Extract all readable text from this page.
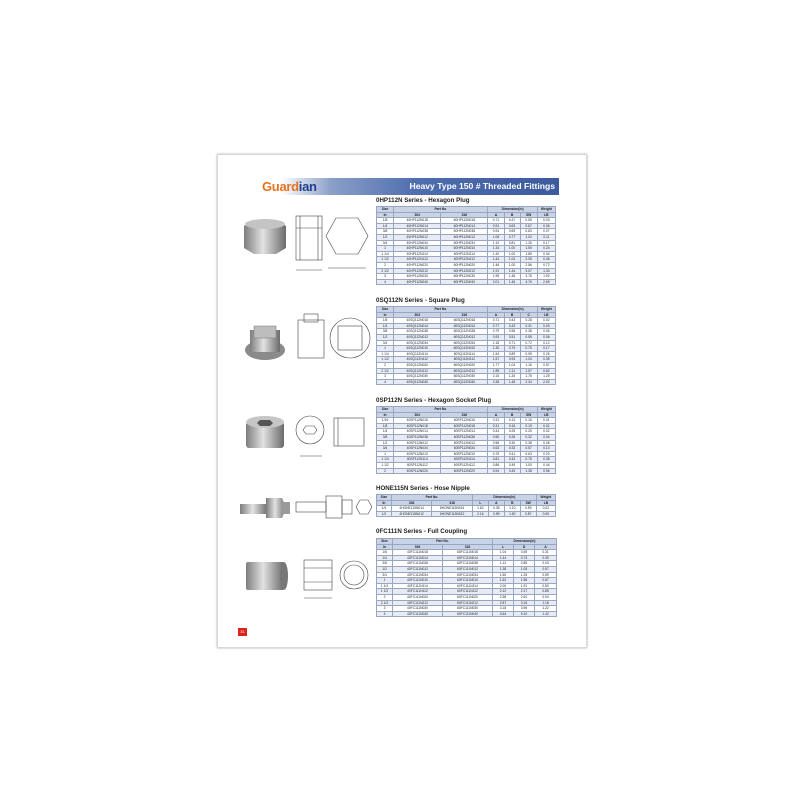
Guardian	Heavy Type 150 # Threaded Fittings
0HP112N Series - Hexagon Plug
Size	Part No.		Dimension(in)			Weight
In	304	316	A	B	SW	LB
1/8	40HP112N018	60HP112N018	0.71	0.47	0.55	0.03
1/4	40HP112N014	60HP112N014	0.91	0.63	0.67	0.06
3/8	40HP112N038	60HP112N038	0.94	0.69	0.83	0.07
1/2	40HP112N012	60HP112N012	1.06	0.77	1.02	0.11
3/4	40HP112N034	60HP112N034	1.10	0.81	1.26	0.17
1	40HP112N010	60HP112N010	1.34	1.00	1.50	0.24
1 1/4	40HP112N114	60HP112N114	1.40	1.00	1.85	0.34
1 1/2	40HP112N112	60HP112N112	1.44	1.04	2.05	0.46
2	40HP112N020	60HP112N020	1.46	1.00	2.56	0.72
2 1/2	40HP112N212	60HP112N212	1.91	1.44	3.07	1.34
3	40HP112N030	60HP112N030	1.95	1.48	3.76	1.92
4	40HP112N040	60HP112N040	2.01	1.46	4.76	2.69
0SQ112N Series - Square Plug
Size	Part No.		Dimension(in)			Weight
In	304	316	A	B	C	LB
1/8	40SQ112N018	60SQ112N018	0.71	0.43	0.28	0.02
1/4	40SQ112N014	60SQ112N014	0.77	0.43	0.31	0.03
3/8	40SQ112N038	60SQ112N038	0.79	0.55	0.38	0.06
1/2	40SQ112N012	60SQ112N012	0.93	0.51	0.55	0.06
3/4	40SQ112N034	60SQ112N034	1.18	0.71	0.72	0.12
1	40SQ112N010	60SQ112N010	1.30	0.79	0.75	0.17
1 1/4	40SQ112N114	60SQ112N114	1.54	0.89	0.95	0.26
1 1/2	40SQ112N112	60SQ112N112	1.57	0.93	1.04	0.35
2	40SQ112N020	60SQ112N020	1.77	1.04	1.16	0.57
2 1/2	40SQ112N212	60SQ112N212	1.85	1.11	1.57	0.82
3	40SQ112N030	60SQ112N030	2.15	1.26	1.75	1.25
4	40SQ112N040	60SQ112N040	2.36	1.48	2.34	2.02
0SP112N Series - Hexagon Socket Plug
Size	Part No.		Dimension(in)			Weight
In	304	316	A	B	SW	LB
1/16	40SP112N016	60SP112N016	0.31	0.13	0.16	0.01
1/8	40SP112N018	60SP112N018	0.31	0.16	0.19	0.01
1/4	40SP112N014	60SP112N014	0.44	0.25	0.25	0.02
3/8	40SP112N038	60SP112N038	0.50	0.26	0.32	0.04
1/2	40SP112N012	60SP112N012	0.56	0.30	0.38	0.06
3/4	40SP112N034	60SP112N034	0.63	0.33	0.57	0.10
1	40SP112N010	60SP112N010	0.75	0.41	0.63	0.20
1 1/4	40SP112N114	60SP112N114	0.81	0.43	0.75	0.38
1 1/2	40SP112N112	60SP112N112	0.86	0.49	1.00	0.44
2	40SP112N020	60SP112N020	0.94	0.49	1.38	0.96
HONE115N Series - Hose Nipple
Size	Part No.		Dimension(in)				Weight
In	304	316	L	A	B	SW	LB
1/4	4HONE115N014	6HONE115N014	1.62	0.35	1.10	0.59	0.02
1/2	4HONE115N012	6HONE115N012	2.16	0.59	1.50	0.87	0.05
0FC111N Series - Full Coupling
Size	Part No.		Dimension(in)		
In	304	316	L	D	A
1/8	40FC111N018	60FC111N018	1.04	0.55	0.31
1/4	40FC111N014	60FC111N014	1.44	0.73	0.39
3/8	40FC111N038	60FC111N038	1.12	0.85	0.43
1/2	40FC111N012	60FC111N012	1.38	1.05	0.57
3/4	40FC111N034	60FC111N034	1.50	1.25	0.59
1	40FC111N010	60FC111N010	1.62	1.56	0.67
1 1/4	40FC111N114	60FC111N114	2.00	1.91	0.83
1 1/2	40FC111N112	60FC111N112	2.12	2.17	0.85
2	40FC111N020	60FC111N020	2.58	2.62	0.94
2 1/2	40FC111N212	60FC111N212	2.87	3.15	1.18
3	40FC111N030	60FC111N030	3.18	3.96	1.22
4	40FC111N040	60FC111N040	3.64	5.10	1.42
31
